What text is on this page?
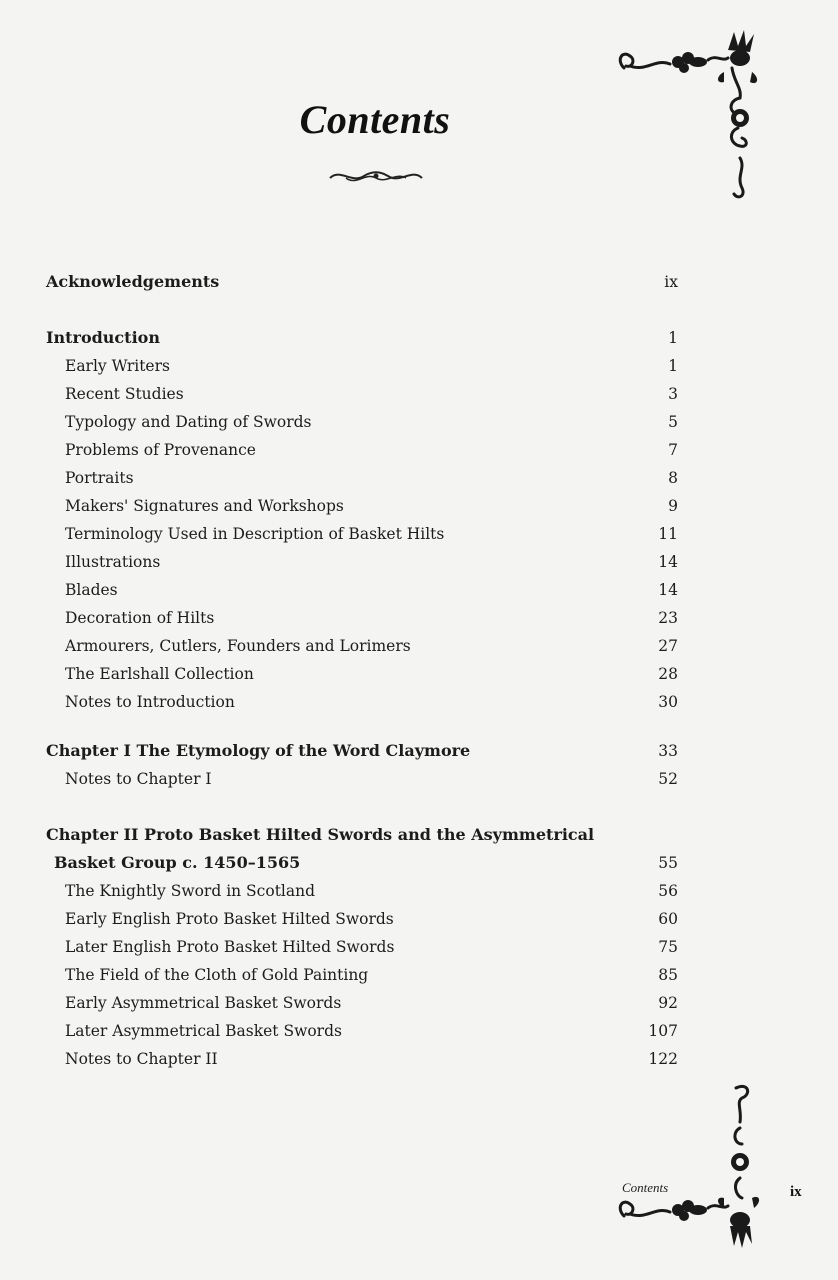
Contents
Acknowledgements	ix
Introduction	1
Early Writers	1
Recent Studies	3
Typology and Dating of Swords	5
Problems of Provenance	7
Portraits	8
Makers' Signatures and Workshops	9
Terminology Used in Description of Basket Hilts	11
Illustrations	14
Blades	14
Decoration of Hilts	23
Armourers, Cutlers, Founders and Lorimers	27
The Earlshall Collection	28
Notes to Introduction	30
Chapter I The Etymology of the Word Claymore	33
Notes to Chapter I	52
Chapter II Proto Basket Hilted Swords and the Asymmetrical
Basket Group c. 1450–1565	55
The Knightly Sword in Scotland	56
Early English Proto Basket Hilted Swords	60
Later English Proto Basket Hilted Swords	75
The Field of the Cloth of Gold Painting	85
Early Asymmetrical Basket Swords	92
Later Asymmetrical Basket Swords	107
Notes to Chapter II	122
Contents	ix
